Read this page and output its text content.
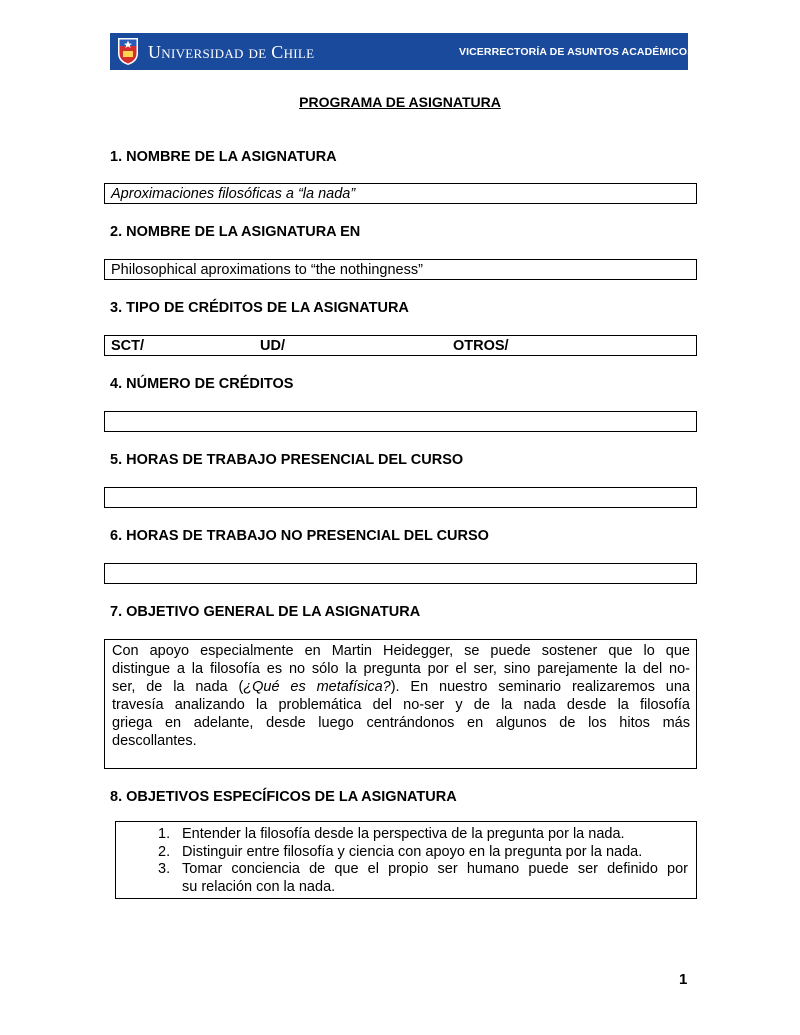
Universidad de Chile	VICERRECTORÍA DE ASUNTOS ACADÉMICOS
PROGRAMA DE ASIGNATURA
1. NOMBRE DE LA ASIGNATURA
Aproximaciones filosóficas a “la nada”
2. NOMBRE DE LA ASIGNATURA EN
Philosophical aproximations to “the nothingness”
3. TIPO DE CRÉDITOS DE LA ASIGNATURA
SCT/	UD/	OTROS/
4. NÚMERO DE CRÉDITOS
5. HORAS DE TRABAJO PRESENCIAL DEL CURSO
6. HORAS DE TRABAJO NO PRESENCIAL DEL CURSO
7. OBJETIVO GENERAL DE LA ASIGNATURA
Con apoyo especialmente en Martin Heidegger, se puede sostener que lo que
distingue a la filosofía es no sólo la pregunta por el ser, sino parejamente la del no-
ser, de la nada (¿Qué es metafísica?). En nuestro seminario realizaremos una
travesía analizando la problemática del no-ser y de la nada desde la filosofía
griega en adelante, desde luego centrándonos en algunos de los hitos más
descollantes.
8. OBJETIVOS ESPECÍFICOS DE LA ASIGNATURA
1. Entender la filosofía desde la perspectiva de la pregunta por la nada.
2. Distinguir entre filosofía y ciencia con apoyo en la pregunta por la nada.
3. Tomar conciencia de que el propio ser humano puede ser definido por
su relación con la nada.
1
